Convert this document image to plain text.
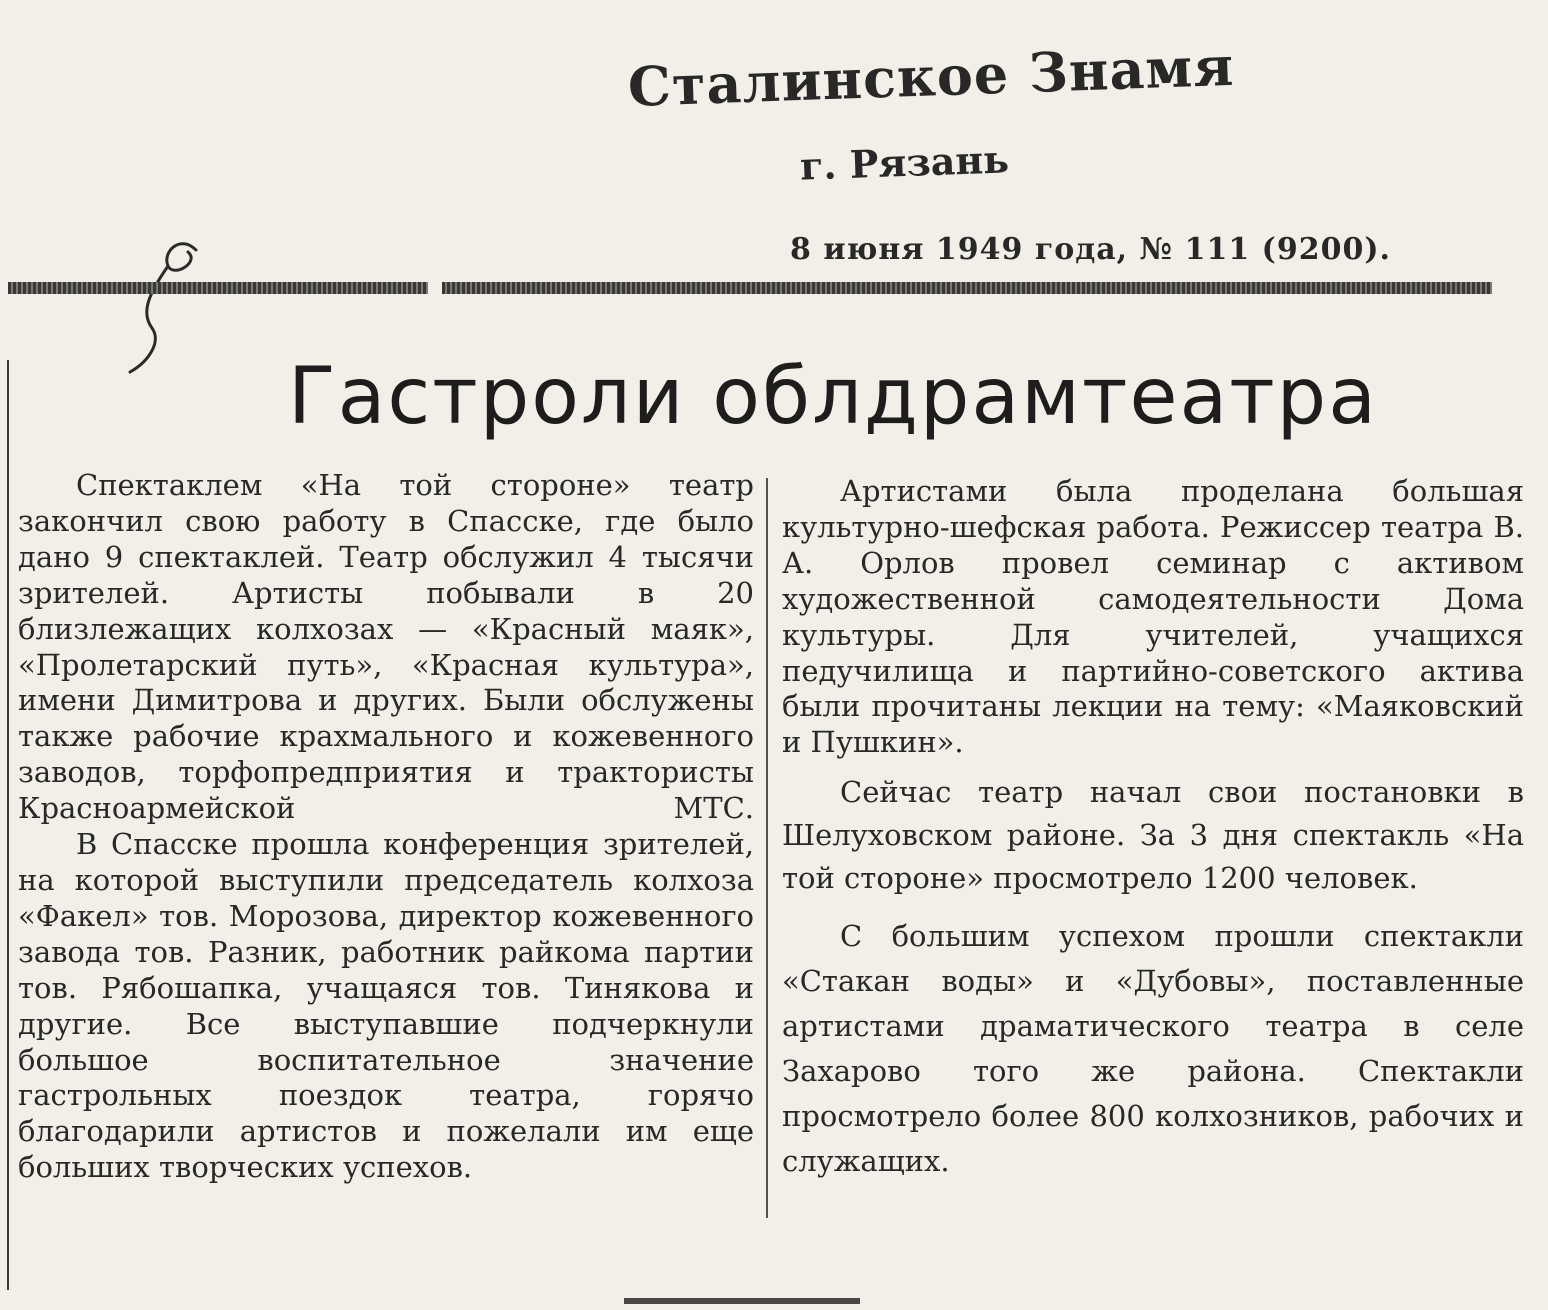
Сталинское Знамя
г. Рязань
8 июня 1949 года, № 111 (9200).
Гастроли облдрамтеатра

Спектаклем «На той стороне» театр закончил свою работу в Спасске, где было дано 9 спектаклей. Театр обслужил 4 тысячи зрителей. Артисты побывали в 20 близлежащих колхозах — «Красный маяк», «Пролетарский путь», «Красная культура», имени Димитрова и других. Были обслужены также рабочие крахмального и кожевенного заводов, торфопредприятия и трактористы Красноармейской МТС.

В Спасске прошла конференция зрителей, на которой выступили председатель колхоза «Факел» тов. Морозова, директор кожевенного завода тов. Разник, работник райкома партии тов. Рябошапка, учащаяся тов. Тинякова и другие. Все выступавшие подчеркнули большое воспитательное значение гастрольных поездок театра, горячо благодарили артистов и пожелали им еще больших творческих успехов.

Артистами была проделана большая культурно-шефская работа. Режиссер театра В. А. Орлов провел семинар с активом художественной самодеятельности Дома культуры. Для учителей, учащихся педучилища и партийно-советского актива были прочитаны лекции на тему: «Маяковский и Пушкин».

Сейчас театр начал свои постановки в Шелуховском районе. За 3 дня спектакль «На той стороне» просмотрело 1200 человек.

С большим успехом прошли спектакли «Стакан воды» и «Дубовы», поставленные артистами драматического театра в селе Захарово того же района. Спектакли просмотрело более 800 колхозников, рабочих и служащих.
